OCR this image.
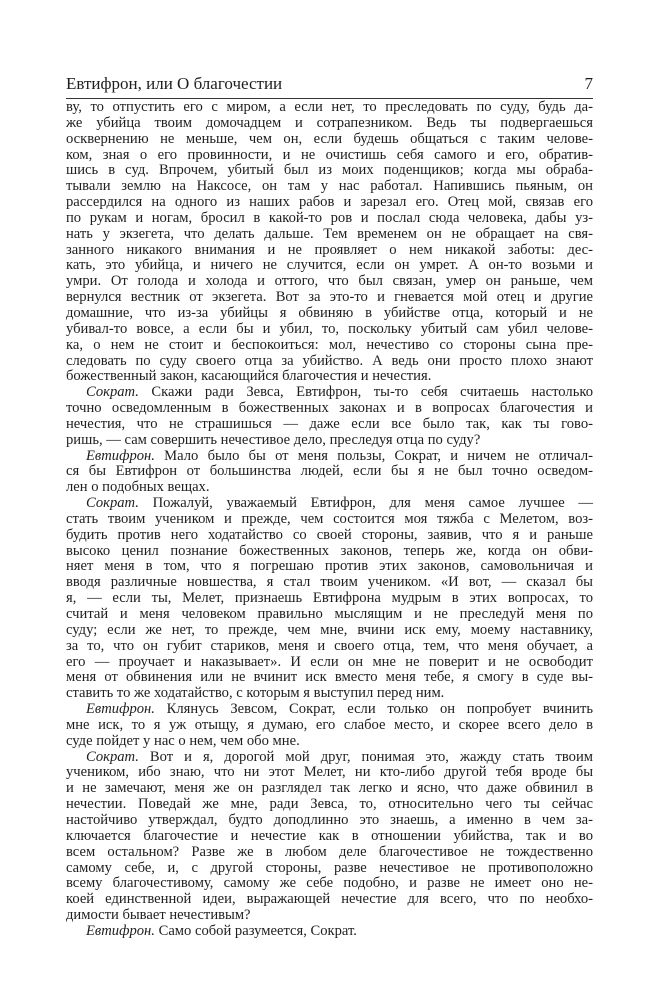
Евтифрон, или О благочестии	7
ву, то отпустить его с миром, а если нет, то преследовать по суду, будь да-
же убийца твоим домочадцем и сотрапезником. Ведь ты подвергаешься
осквернению не меньше, чем он, если будешь общаться с таким челове-
ком, зная о его провинности, и не очистишь себя самого и его, обратив-
шись в суд. Впрочем, убитый был из моих поденщиков; когда мы обраба-
тывали землю на Наксосе, он там у нас работал. Напившись пьяным, он
рассердился на одного из наших рабов и зарезал его. Отец мой, связав его
по рукам и ногам, бросил в какой-то ров и послал сюда человека, дабы уз-
нать у экзегета, что делать дальше. Тем временем он не обращает на свя-
занного никакого внимания и не проявляет о нем никакой заботы: дес-
кать, это убийца, и ничего не случится, если он умрет. А он-то возьми и
умри. От голода и холода и оттого, что был связан, умер он раньше, чем
вернулся вестник от экзегета. Вот за это-то и гневается мой отец и другие
домашние, что из-за убийцы я обвиняю в убийстве отца, который и не
убивал-то вовсе, а если бы и убил, то, поскольку убитый сам убил челове-
ка, о нем не стоит и беспокоиться: мол, нечестиво со стороны сына пре-
следовать по суду своего отца за убийство. А ведь они просто плохо знают
божественный закон, касающийся благочестия и нечестия.
Сократ. Скажи ради Зевса, Евтифрон, ты-то себя считаешь настолько
точно осведомленным в божественных законах и в вопросах благочестия и
нечестия, что не страшишься — даже если все было так, как ты гово-
ришь, — сам совершить нечестивое дело, преследуя отца по суду?
Евтифрон. Мало было бы от меня пользы, Сократ, и ничем не отличал-
ся бы Евтифрон от большинства людей, если бы я не был точно осведом-
лен о подобных вещах.
Сократ. Пожалуй, уважаемый Евтифрон, для меня самое лучшее —
стать твоим учеником и прежде, чем состоится моя тяжба с Мелетом, воз-
будить против него ходатайство со своей стороны, заявив, что я и раньше
высоко ценил познание божественных законов, теперь же, когда он обви-
няет меня в том, что я погрешаю против этих законов, самовольничая и
вводя различные новшества, я стал твоим учеником. «И вот, — сказал бы
я, — если ты, Мелет, признаешь Евтифрона мудрым в этих вопросах, то
считай и меня человеком правильно мыслящим и не преследуй меня по
суду; если же нет, то прежде, чем мне, вчини иск ему, моему наставнику,
за то, что он губит стариков, меня и своего отца, тем, что меня обучает, а
его — проучает и наказывает». И если он мне не поверит и не освободит
меня от обвинения или не вчинит иск вместо меня тебе, я смогу в суде вы-
ставить то же ходатайство, с которым я выступил перед ним.
Евтифрон. Клянусь Зевсом, Сократ, если только он попробует вчинить
мне иск, то я уж отыщу, я думаю, его слабое место, и скорее всего дело в
суде пойдет у нас о нем, чем обо мне.
Сократ. Вот и я, дорогой мой друг, понимая это, жажду стать твоим
учеником, ибо знаю, что ни этот Мелет, ни кто-либо другой тебя вроде бы
и не замечают, меня же он разглядел так легко и ясно, что даже обвинил в
нечестии. Поведай же мне, ради Зевса, то, относительно чего ты сейчас
настойчиво утверждал, будто доподлинно это знаешь, а именно в чем за-
ключается благочестие и нечестие как в отношении убийства, так и во
всем остальном? Разве же в любом деле благочестивое не тождественно
самому себе, и, с другой стороны, разве нечестивое не противоположно
всему благочестивому, самому же себе подобно, и разве не имеет оно не-
коей единственной идеи, выражающей нечестие для всего, что по необхо-
димости бывает нечестивым?
Евтифрон. Само собой разумеется, Сократ.
